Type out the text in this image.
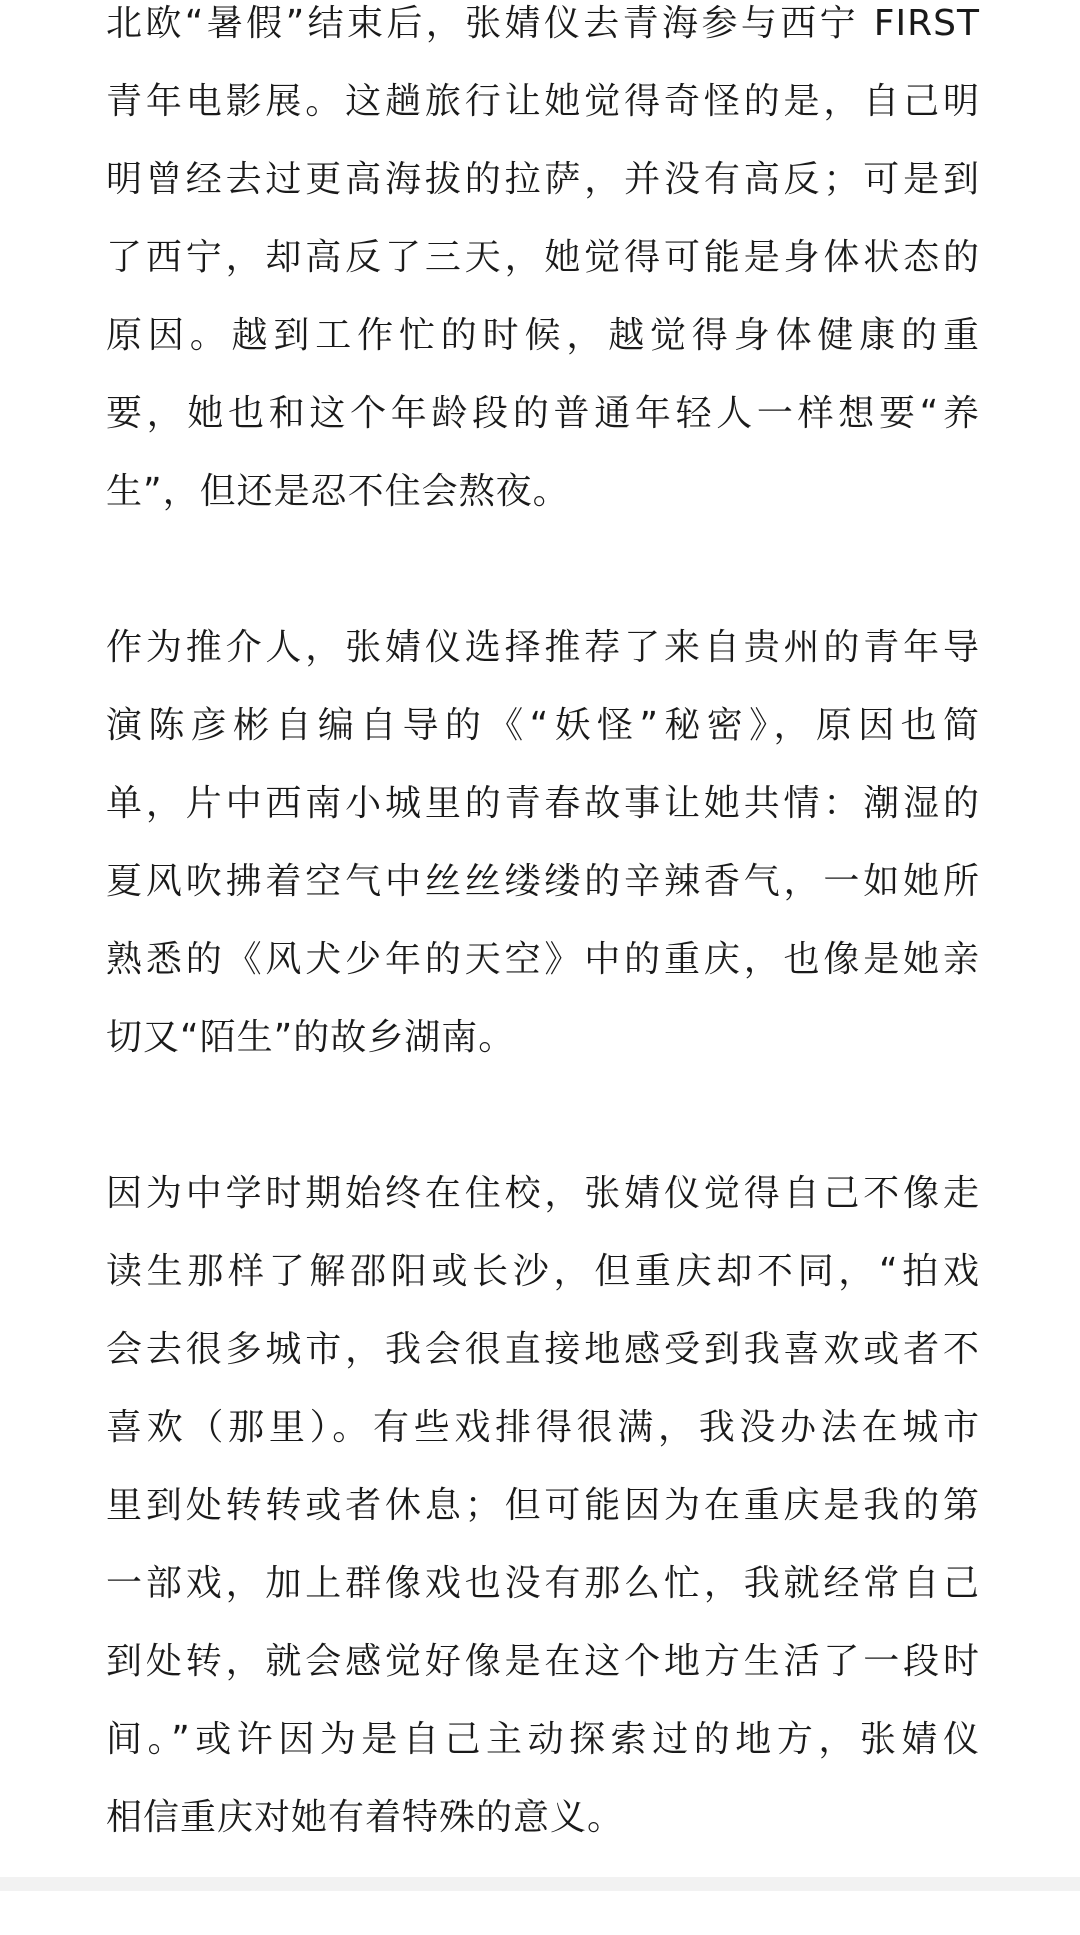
北欧“暑假”结束后，张婧仪去青海参与西宁 FIRST
青年电影展。这趟旅行让她觉得奇怪的是，自己明
明曾经去过更高海拔的拉萨，并没有高反；可是到
了西宁，却高反了三天，她觉得可能是身体状态的
原因。越到工作忙的时候，越觉得身体健康的重
要，她也和这个年龄段的普通年轻人一样想要“养
生”，但还是忍不住会熬夜。

作为推介人，张婧仪选择推荐了来自贵州的青年导
演陈彦彬自编自导的《“妖怪”秘密》，原因也简
单，片中西南小城里的青春故事让她共情：潮湿的
夏风吹拂着空气中丝丝缕缕的辛辣香气，一如她所
熟悉的《风犬少年的天空》中的重庆，也像是她亲
切又“陌生”的故乡湖南。

因为中学时期始终在住校，张婧仪觉得自己不像走
读生那样了解邵阳或长沙，但重庆却不同，“拍戏
会去很多城市，我会很直接地感受到我喜欢或者不
喜欢（那里）。有些戏排得很满，我没办法在城市
里到处转转或者休息；但可能因为在重庆是我的第
一部戏，加上群像戏也没有那么忙，我就经常自己
到处转，就会感觉好像是在这个地方生活了一段时
间。”或许因为是自己主动探索过的地方，张婧仪
相信重庆对她有着特殊的意义。
